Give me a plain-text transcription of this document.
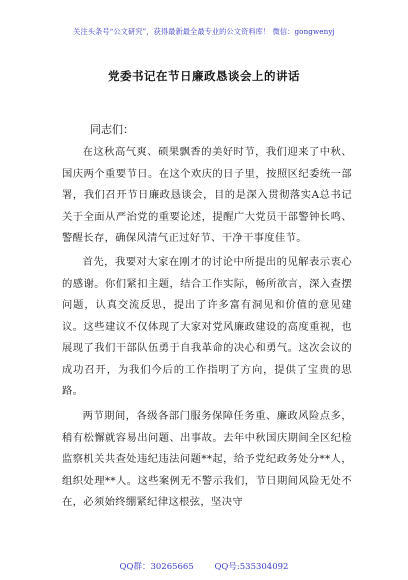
关注头条号“公文研究”，获得最新最全最专业的公文资料库！ 微信：gongwenyj
党委书记在节日廉政恳谈会上的讲话
同志们：

在这秋高气爽、硕果飘香的美好时节，我们迎来了中秋、国庆两个重要节日。在这个欢庆的日子里，按照区纪委统一部署，我们召开节日廉政恳谈会，目的是深入贯彻落实A总书记关于全面从严治党的重要论述，提醒广大党员干部警钟长鸣、警醒长存，确保风清气正过好节、干净干事度佳节。

首先，我要对大家在刚才的讨论中所提出的见解表示衷心的感谢。你们紧扣主题，结合工作实际，畅所欲言，深入查摆问题，认真交流反思，提出了许多富有洞见和价值的意见建议。这些建议不仅体现了大家对党风廉政建设的高度重视，也展现了我们干部队伍勇于自我革命的决心和勇气。这次会议的成功召开，为我们今后的工作指明了方向，提供了宝贵的思路。

两节期间，各级各部门服务保障任务重、廉政风险点多，稍有松懈就容易出问题、出事故。去年中秋国庆期间全区纪检监察机关共查处违纪违法问题**起，给予党纪政务处分**人，组织处理**人。这些案例无不警示我们，节日期间风险无处不在，必须始终绷紧纪律这根弦，坚决守

QQ群：30265665 QQ号:535304092
